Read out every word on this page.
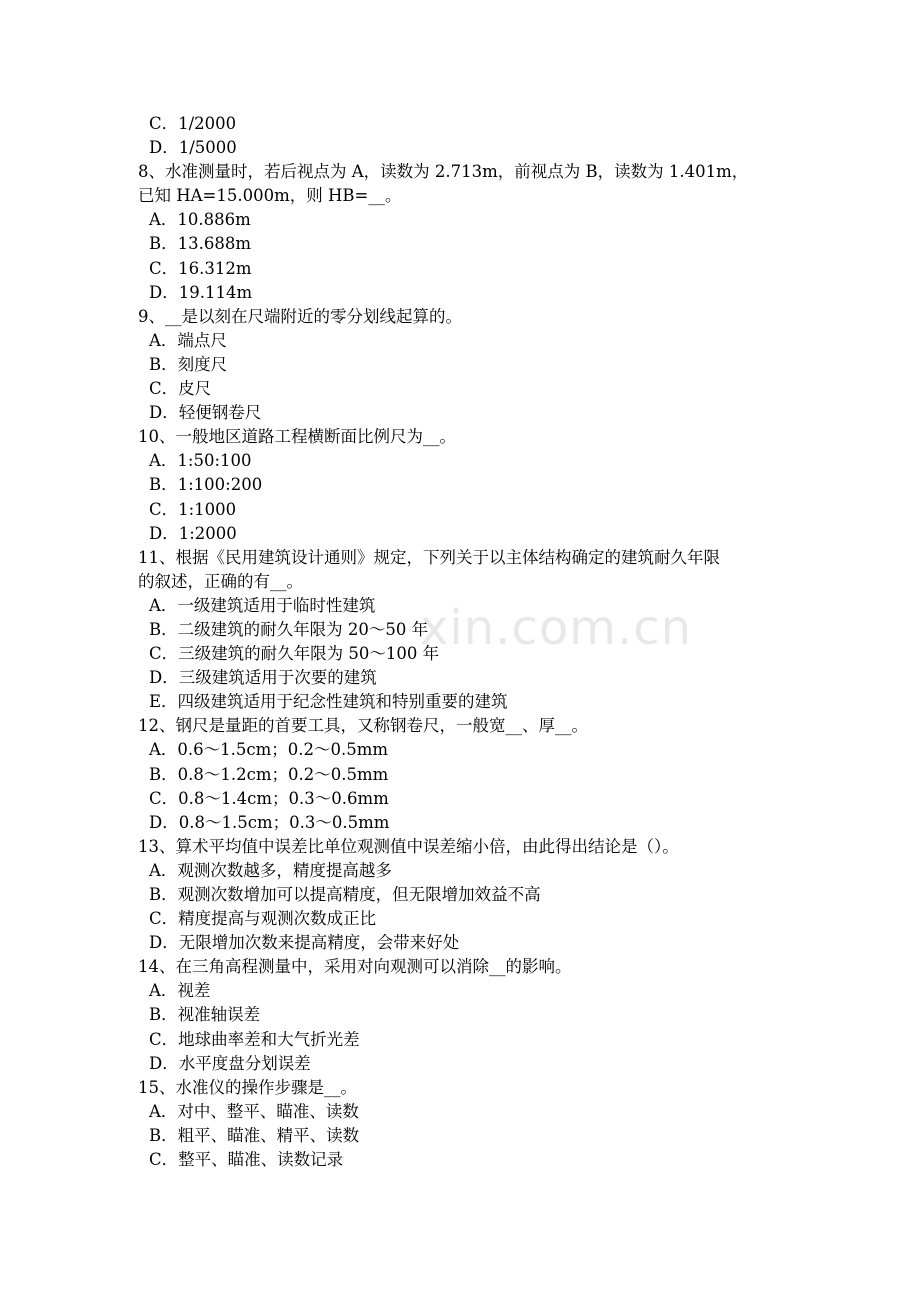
xin.com.cn
C．1/2000
D．1/5000
8、水准测量时，若后视点为 A，读数为 2.713m，前视点为 B，读数为 1.401m，
已知 HA=15.000m，则 HB=__。
A．10.886m
B．13.688m
C．16.312m
D．19.114m
9、__是以刻在尺端附近的零分划线起算的。
A．端点尺
B．刻度尺
C．皮尺
D．轻便钢卷尺
10、一般地区道路工程横断面比例尺为__。
A．1:50:100
B．1:100:200
C．1:1000
D．1:2000
11、根据《民用建筑设计通则》规定，下列关于以主体结构确定的建筑耐久年限
的叙述，正确的有__。
A．一级建筑适用于临时性建筑
B．二级建筑的耐久年限为 20～50 年
C．三级建筑的耐久年限为 50～100 年
D．三级建筑适用于次要的建筑
E．四级建筑适用于纪念性建筑和特别重要的建筑
12、钢尺是量距的首要工具，又称钢卷尺，一般宽__、厚__。
A．0.6～1.5cm；0.2～0.5mm
B．0.8～1.2cm；0.2～0.5mm
C．0.8～1.4cm；0.3～0.6mm
D．0.8～1.5cm；0.3～0.5mm
13、算术平均值中误差比单位观测值中误差缩小倍，由此得出结论是（）。
A．观测次数越多，精度提高越多
B．观测次数增加可以提高精度，但无限增加效益不高
C．精度提高与观测次数成正比
D．无限增加次数来提高精度，会带来好处
14、在三角高程测量中，采用对向观测可以消除__的影响。
A．视差
B．视准轴误差
C．地球曲率差和大气折光差
D．水平度盘分划误差
15、水准仪的操作步骤是__。
A．对中、整平、瞄准、读数
B．粗平、瞄准、精平、读数
C．整平、瞄准、读数记录
